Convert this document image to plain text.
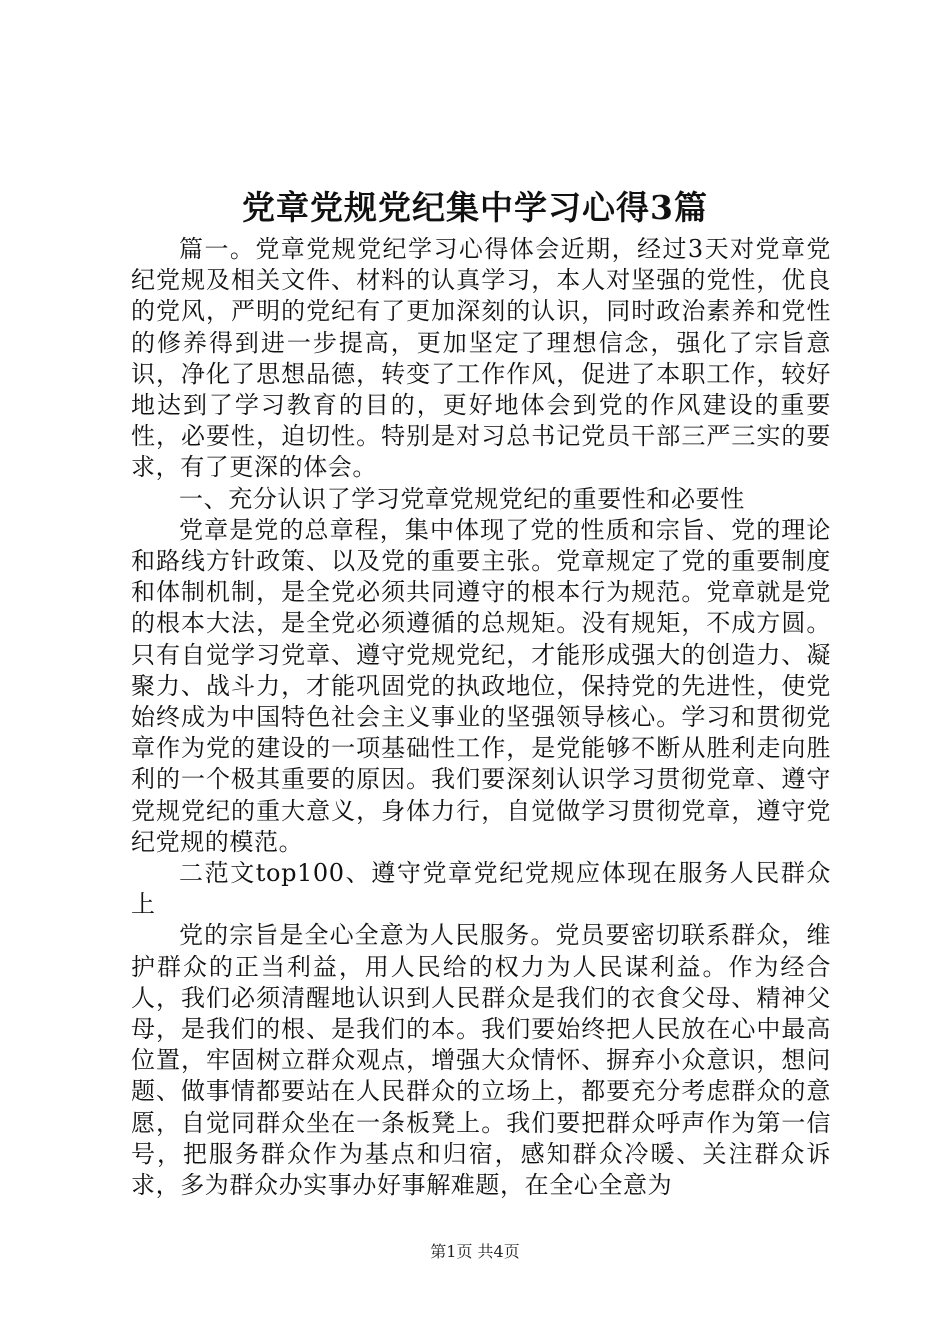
党章党规党纪集中学习心得3篇

篇一。党章党规党纪学习心得体会近期，经过3天对党章党纪党规及相关文件、材料的认真学习，本人对坚强的党性，优良的党风，严明的党纪有了更加深刻的认识，同时政治素养和党性的修养得到进一步提高，更加坚定了理想信念，强化了宗旨意识，净化了思想品德，转变了工作作风，促进了本职工作，较好地达到了学习教育的目的，更好地体会到党的作风建设的重要性，必要性，迫切性。特别是对习总书记党员干部三严三实的要求，有了更深的体会。

一、充分认识了学习党章党规党纪的重要性和必要性

党章是党的总章程，集中体现了党的性质和宗旨、党的理论和路线方针政策、以及党的重要主张。党章规定了党的重要制度和体制机制，是全党必须共同遵守的根本行为规范。党章就是党的根本大法，是全党必须遵循的总规矩。没有规矩，不成方圆。只有自觉学习党章、遵守党规党纪，才能形成强大的创造力、凝聚力、战斗力，才能巩固党的执政地位，保持党的先进性，使党始终成为中国特色社会主义事业的坚强领导核心。学习和贯彻党章作为党的建设的一项基础性工作，是党能够不断从胜利走向胜利的一个极其重要的原因。我们要深刻认识学习贯彻党章、遵守党规党纪的重大意义，身体力行，自觉做学习贯彻党章，遵守党纪党规的模范。

二范文top100、遵守党章党纪党规应体现在服务人民群众上

党的宗旨是全心全意为人民服务。党员要密切联系群众，维护群众的正当利益，用人民给的权力为人民谋利益。作为经合人，我们必须清醒地认识到人民群众是我们的衣食父母、精神父母，是我们的根、是我们的本。我们要始终把人民放在心中最高位置，牢固树立群众观点，增强大众情怀、摒弃小众意识，想问题、做事情都要站在人民群众的立场上，都要充分考虑群众的意愿，自觉同群众坐在一条板凳上。我们要把群众呼声作为第一信号，把服务群众作为基点和归宿，感知群众冷暖、关注群众诉求，多为群众办实事办好事解难题，在全心全意为

第1页 共4页
